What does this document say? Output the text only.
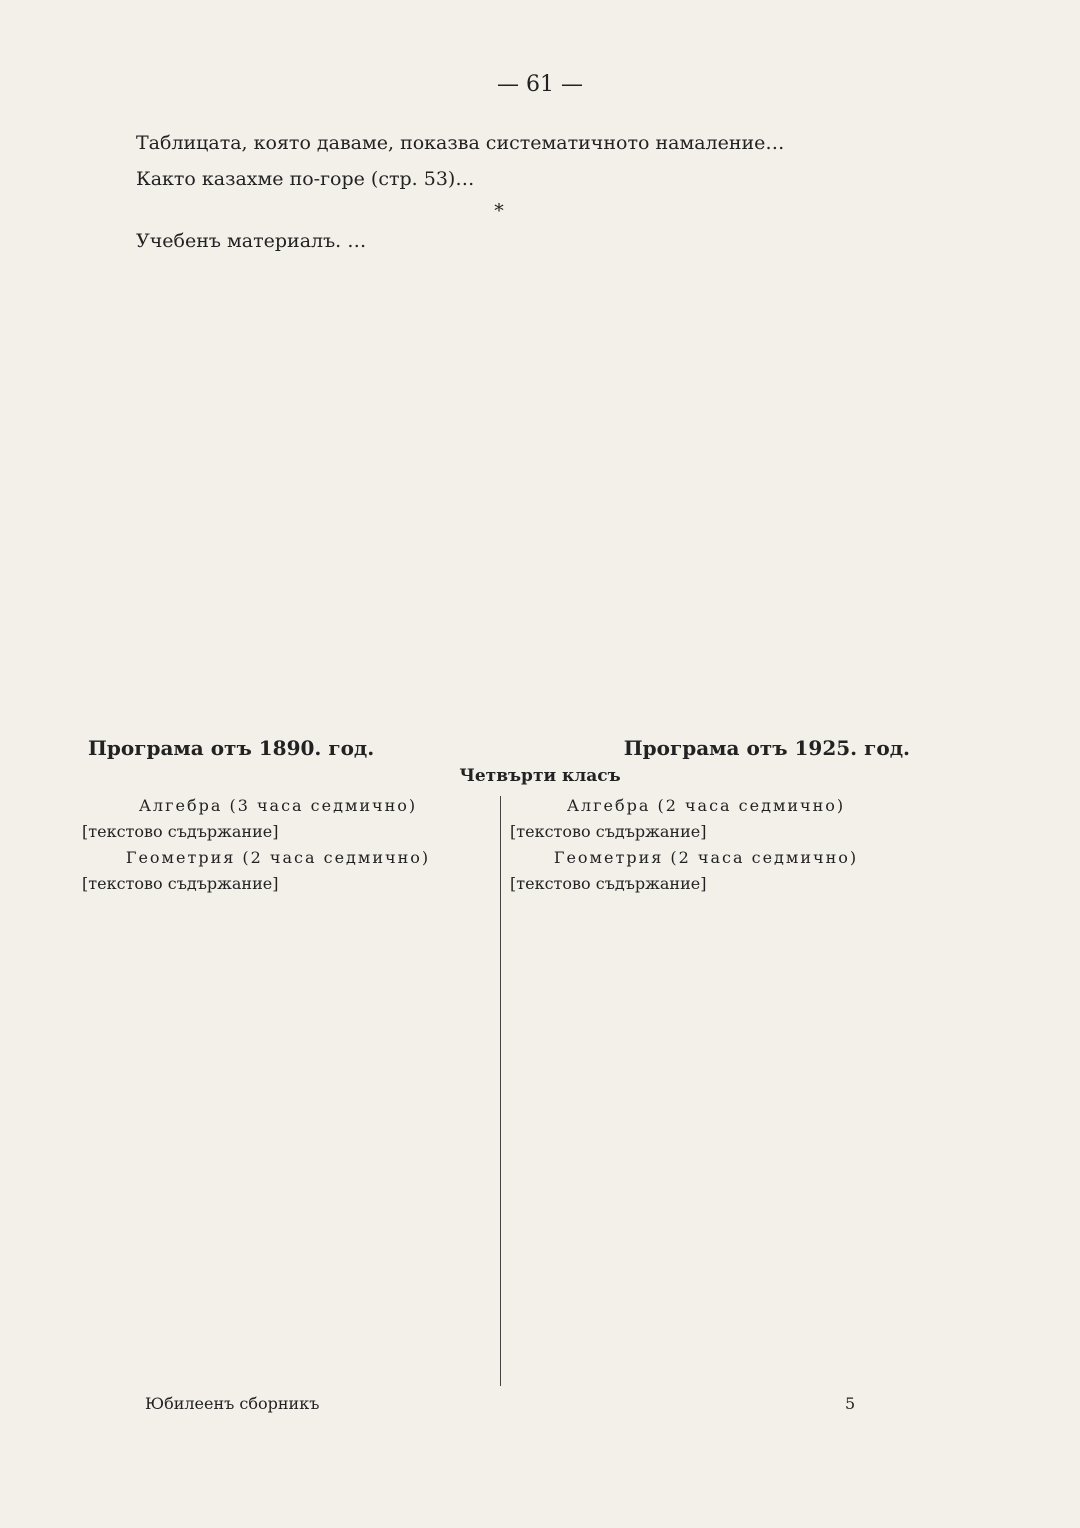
— 61 —

Таблицата, която даваме, показва систематичното намаление…

Както казахме по-горе (стр. 53)…

*

Учебенъ материалъ. …

Програма отъ 1890. год.	Програма отъ 1925. год.
Четвърти класъ
Алгебра (3 часа седмично)

[текстово съдържание]

Геометрия (2 часа седмично)

[текстово съдържание]

Алгебра (2 часа седмично)

[текстово съдържание]

Геометрия (2 часа седмично)

[текстово съдържание]

Юбилеенъ сборникъ	5
